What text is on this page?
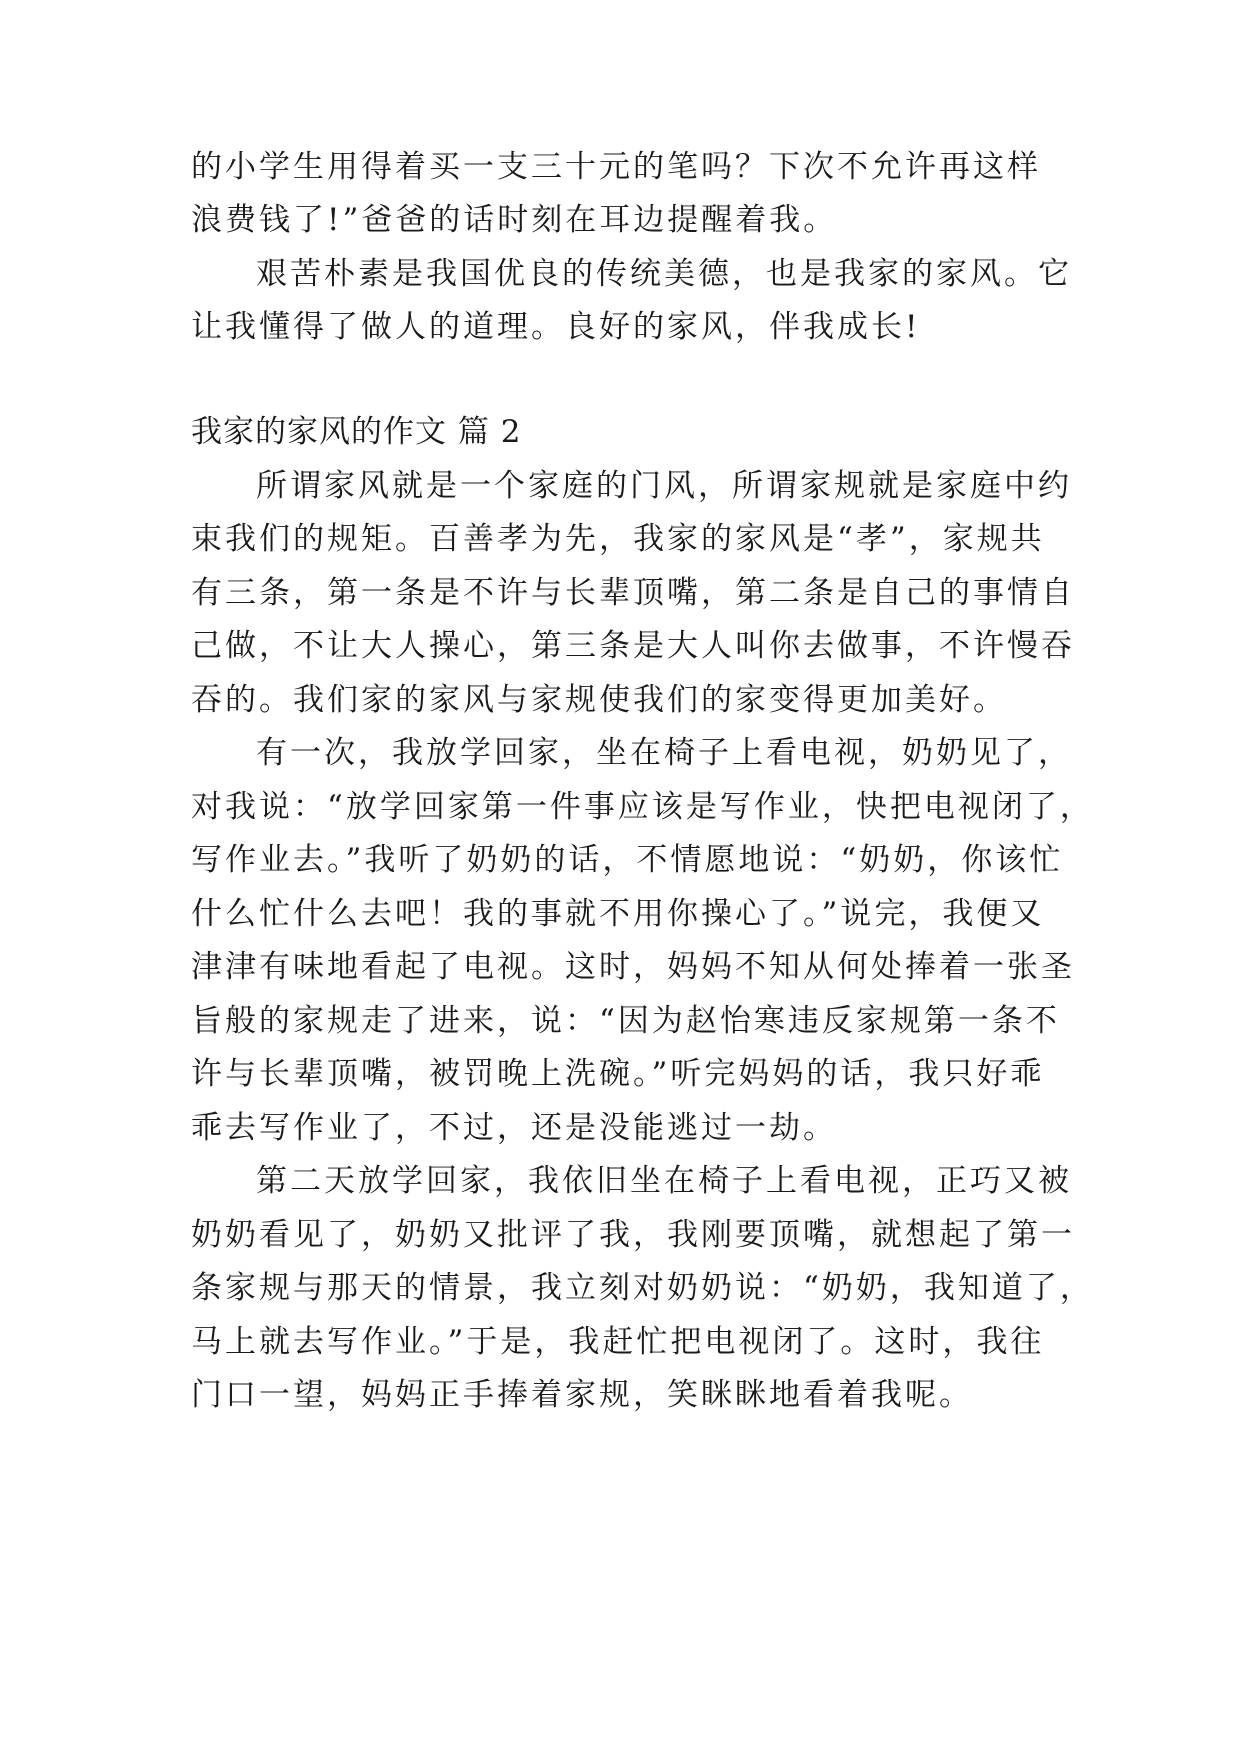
的小学生用得着买一支三十元的笔吗？下次不允许再这样
浪费钱了!”爸爸的话时刻在耳边提醒着我。
艰苦朴素是我国优良的传统美德，也是我家的家风。它
让我懂得了做人的道理。良好的家风，伴我成长!
我家的家风的作文 篇 2
所谓家风就是一个家庭的门风，所谓家规就是家庭中约
束我们的规矩。百善孝为先，我家的家风是“孝”，家规共
有三条，第一条是不许与长辈顶嘴，第二条是自己的事情自
己做，不让大人操心，第三条是大人叫你去做事，不许慢吞
吞的。我们家的家风与家规使我们的家变得更加美好。
有一次，我放学回家，坐在椅子上看电视，奶奶见了，
对我说：“放学回家第一件事应该是写作业，快把电视闭了，
写作业去。”我听了奶奶的话，不情愿地说：“奶奶，你该忙
什么忙什么去吧！我的事就不用你操心了。”说完，我便又
津津有味地看起了电视。这时，妈妈不知从何处捧着一张圣
旨般的家规走了进来，说：“因为赵怡寒违反家规第一条不
许与长辈顶嘴，被罚晚上洗碗。”听完妈妈的话，我只好乖
乖去写作业了，不过，还是没能逃过一劫。
第二天放学回家，我依旧坐在椅子上看电视，正巧又被
奶奶看见了，奶奶又批评了我，我刚要顶嘴，就想起了第一
条家规与那天的情景，我立刻对奶奶说：“奶奶，我知道了，
马上就去写作业。”于是，我赶忙把电视闭了。这时，我往
门口一望，妈妈正手捧着家规，笑眯眯地看着我呢。
